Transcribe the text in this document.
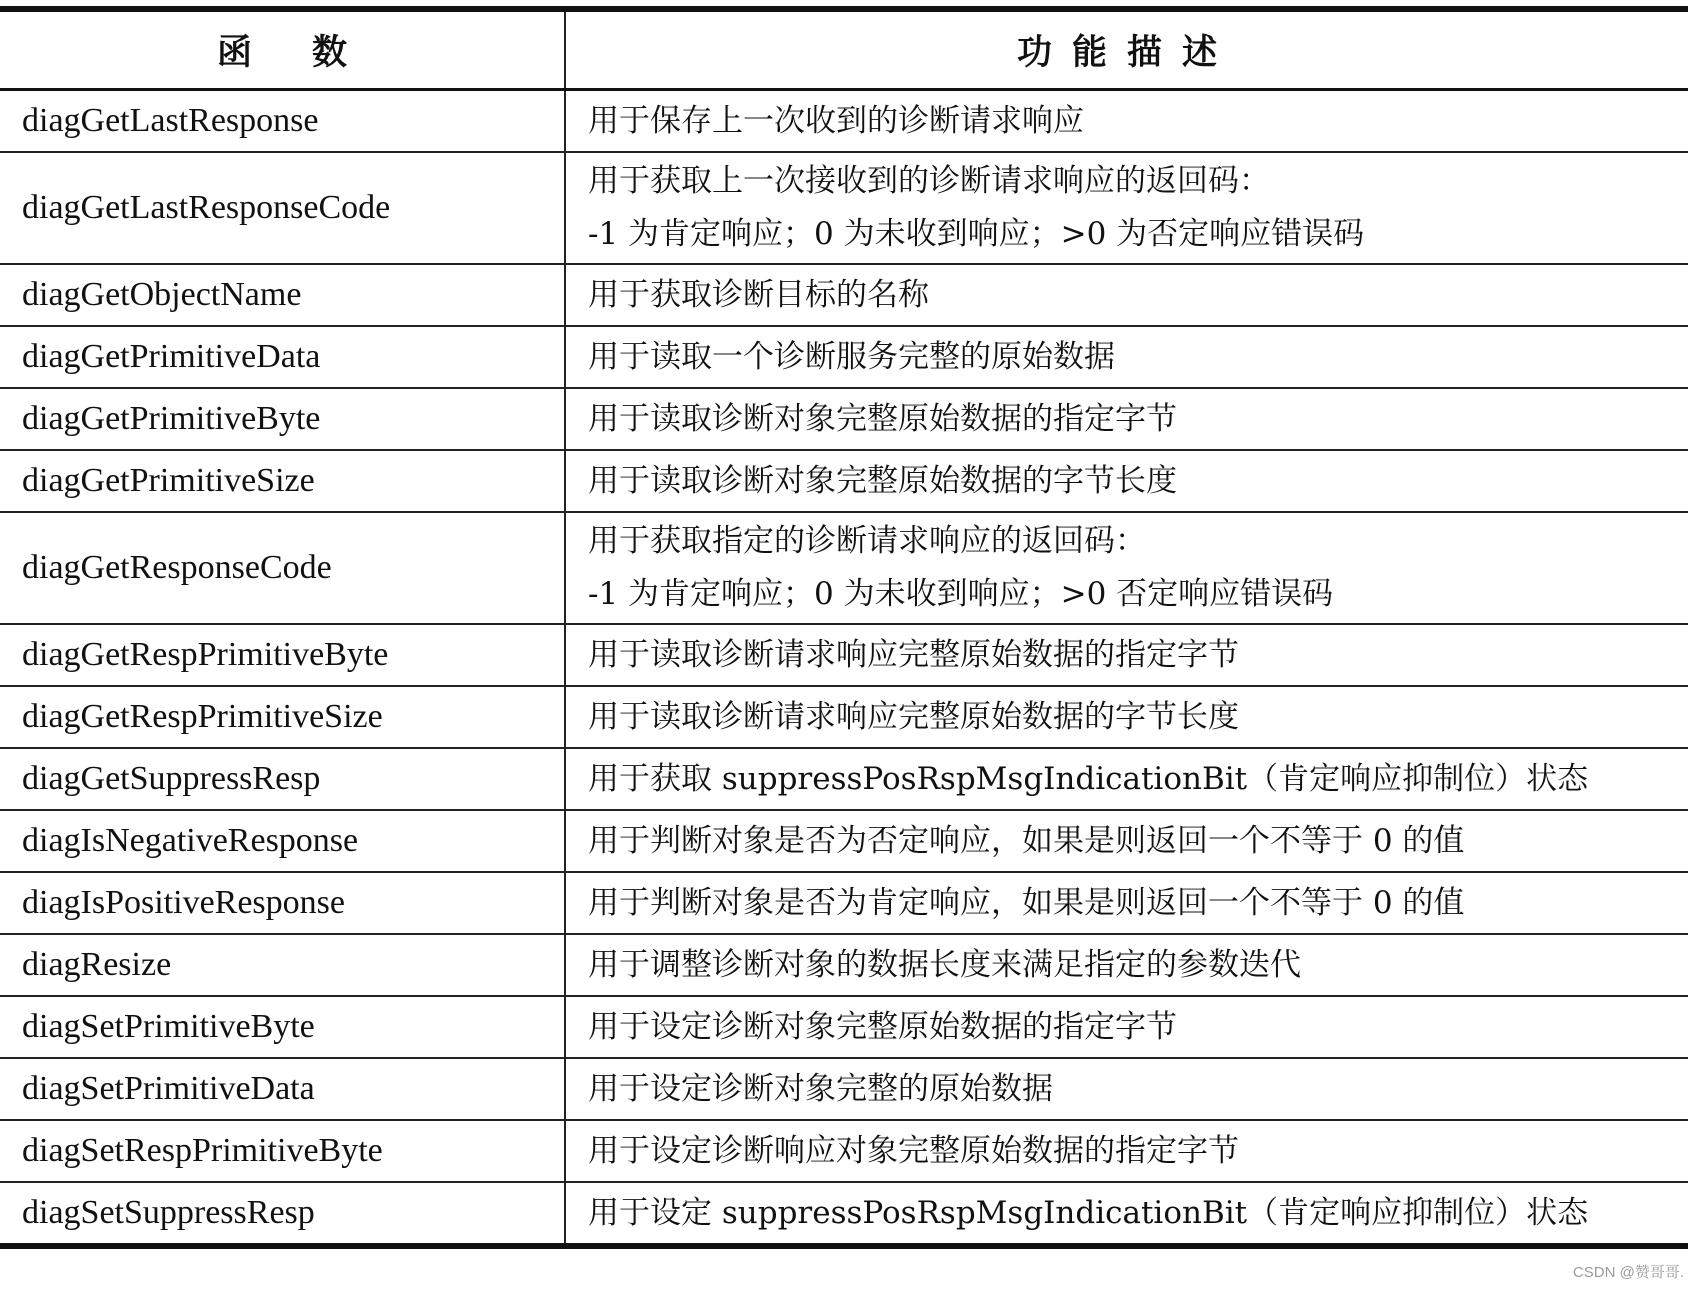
函数	功能描述
diagGetLastResponse	用于保存上一次收到的诊断请求响应

diagGetLastResponseCode	用于获取上一次接收到的诊断请求响应的返回码：
-1 为肯定响应；0 为未收到响应；>0 为否定响应错误码

diagGetObjectName	用于获取诊断目标的名称

diagGetPrimitiveData	用于读取一个诊断服务完整的原始数据

diagGetPrimitiveByte	用于读取诊断对象完整原始数据的指定字节

diagGetPrimitiveSize	用于读取诊断对象完整原始数据的字节长度

diagGetResponseCode	用于获取指定的诊断请求响应的返回码：
-1 为肯定响应；0 为未收到响应；>0 否定响应错误码

diagGetRespPrimitiveByte	用于读取诊断请求响应完整原始数据的指定字节

diagGetRespPrimitiveSize	用于读取诊断请求响应完整原始数据的字节长度

diagGetSuppressResp	用于获取 suppressPosRspMsgIndicationBit（肯定响应抑制位）状态

diagIsNegativeResponse	用于判断对象是否为否定响应，如果是则返回一个不等于 0 的值

diagIsPositiveResponse	用于判断对象是否为肯定响应，如果是则返回一个不等于 0 的值

diagResize	用于调整诊断对象的数据长度来满足指定的参数迭代

diagSetPrimitiveByte	用于设定诊断对象完整原始数据的指定字节

diagSetPrimitiveData	用于设定诊断对象完整的原始数据

diagSetRespPrimitiveByte	用于设定诊断响应对象完整原始数据的指定字节

diagSetSuppressResp	用于设定 suppressPosRspMsgIndicationBit（肯定响应抑制位）状态
CSDN @赞哥哥.
